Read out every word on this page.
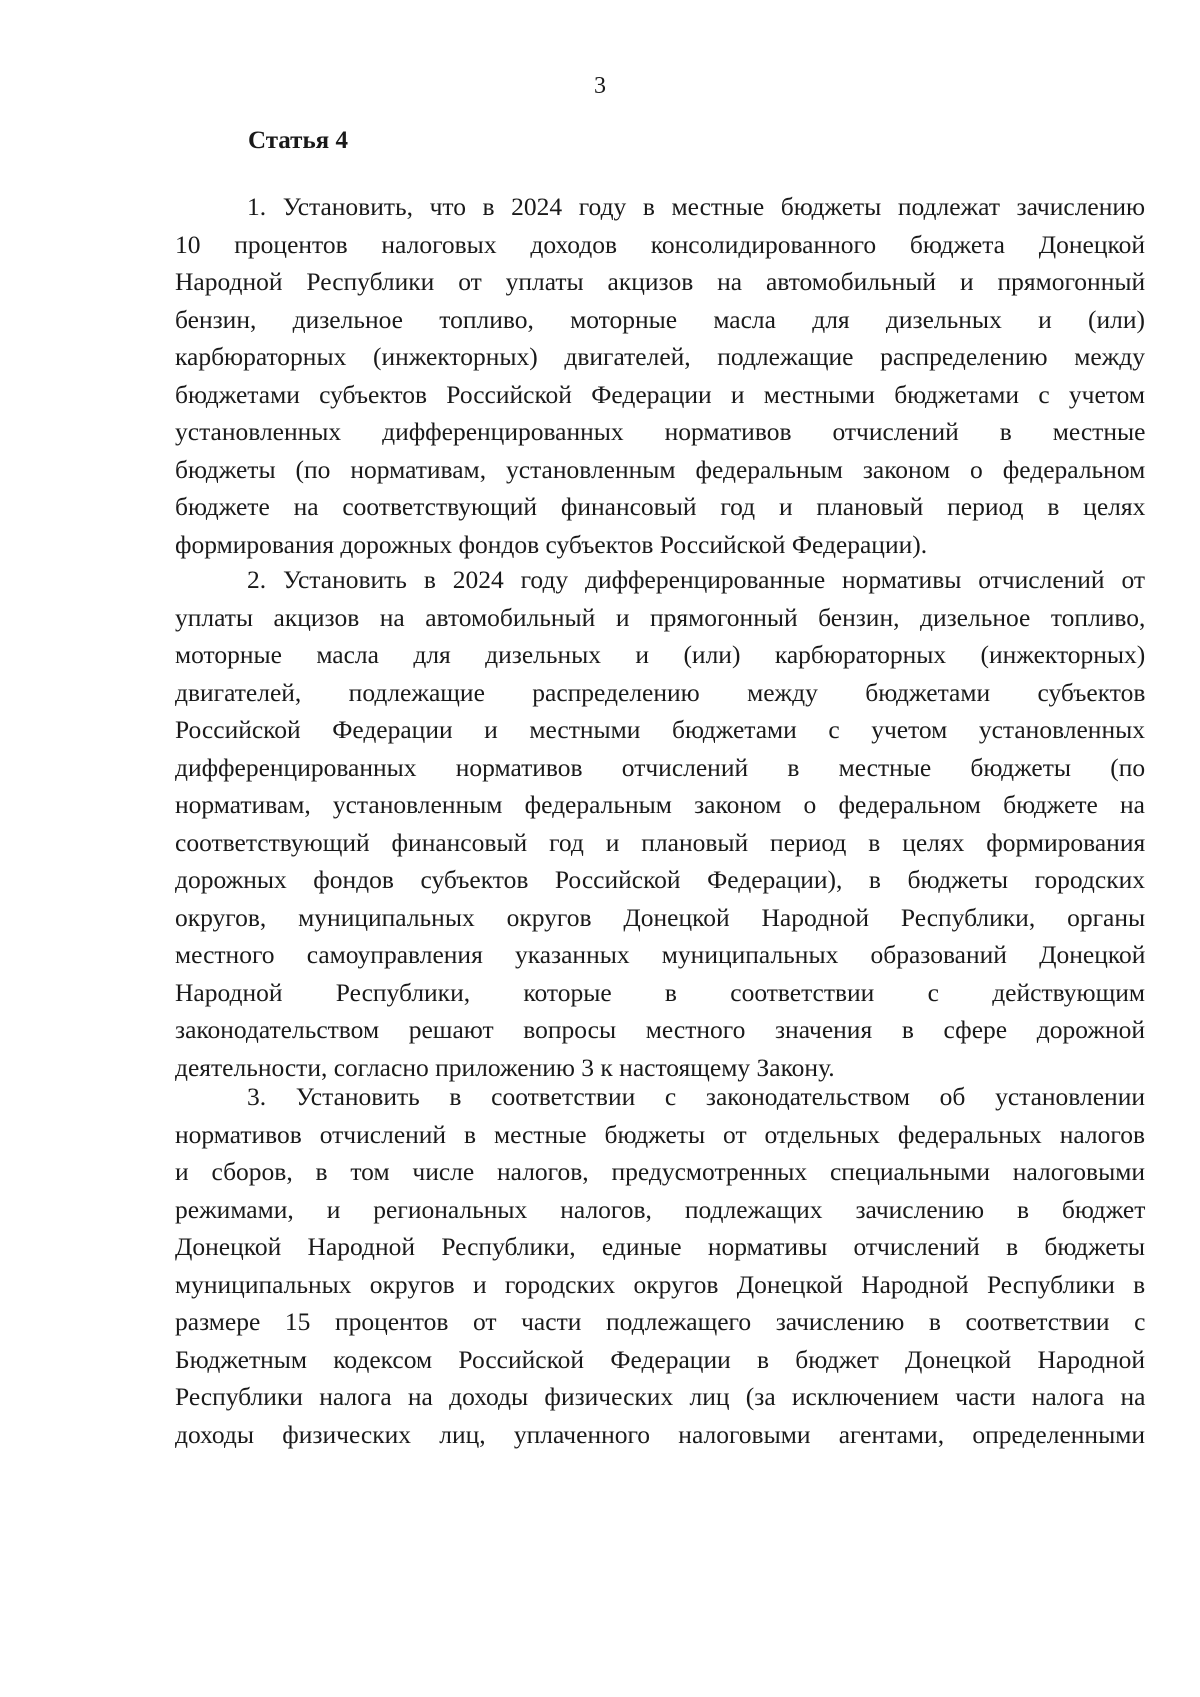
3
Статья 4
1. Установить, что в 2024 году в местные бюджеты подлежат зачислению
10 процентов налоговых доходов консолидированного бюджета Донецкой
Народной Республики от уплаты акцизов на автомобильный и прямогонный
бензин, дизельное топливо, моторные масла для дизельных и (или)
карбюраторных (инжекторных) двигателей, подлежащие распределению между
бюджетами субъектов Российской Федерации и местными бюджетами с учетом
установленных дифференцированных нормативов отчислений в местные
бюджеты (по нормативам, установленным федеральным законом о федеральном
бюджете на соответствующий финансовый год и плановый период в целях
формирования дорожных фондов субъектов Российской Федерации).
2. Установить в 2024 году дифференцированные нормативы отчислений от
уплаты акцизов на автомобильный и прямогонный бензин, дизельное топливо,
моторные масла для дизельных и (или) карбюраторных (инжекторных)
двигателей, подлежащие распределению между бюджетами субъектов
Российской Федерации и местными бюджетами с учетом установленных
дифференцированных нормативов отчислений в местные бюджеты (по
нормативам, установленным федеральным законом о федеральном бюджете на
соответствующий финансовый год и плановый период в целях формирования
дорожных фондов субъектов Российской Федерации), в бюджеты городских
округов, муниципальных округов Донецкой Народной Республики, органы
местного самоуправления указанных муниципальных образований Донецкой
Народной Республики, которые в соответствии с действующим
законодательством решают вопросы местного значения в сфере дорожной
деятельности, согласно приложению 3 к настоящему Закону.
3. Установить в соответствии с законодательством об установлении
нормативов отчислений в местные бюджеты от отдельных федеральных налогов
и сборов, в том числе налогов, предусмотренных специальными налоговыми
режимами, и региональных налогов, подлежащих зачислению в бюджет
Донецкой Народной Республики, единые нормативы отчислений в бюджеты
муниципальных округов и городских округов Донецкой Народной Республики в
размере 15 процентов от части подлежащего зачислению в соответствии с
Бюджетным кодексом Российской Федерации в бюджет Донецкой Народной
Республики налога на доходы физических лиц (за исключением части налога на
доходы физических лиц, уплаченного налоговыми агентами, определенными
